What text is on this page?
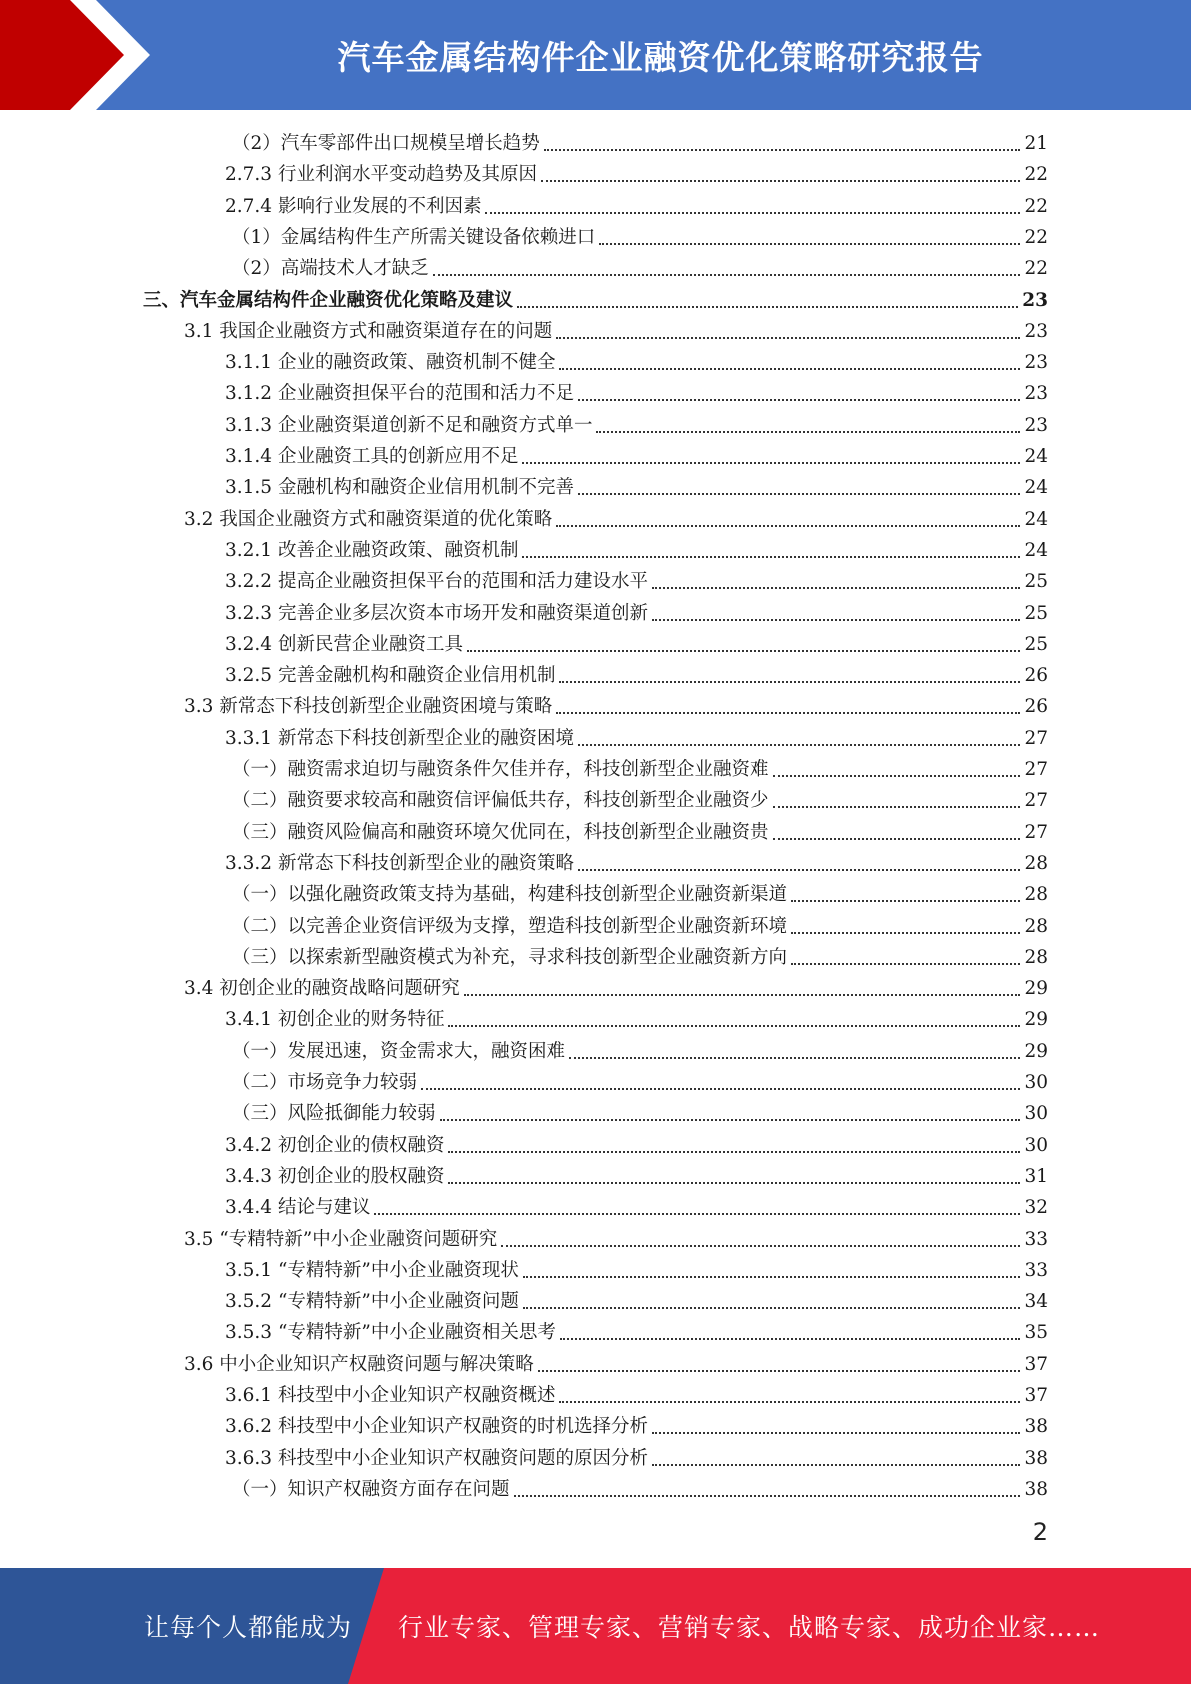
汽车金属结构件企业融资优化策略研究报告
（2）汽车零部件出口规模呈增长趋势	21
2.7.3 行业利润水平变动趋势及其原因	22
2.7.4 影响行业发展的不利因素	22
（1）金属结构件生产所需关键设备依赖进口	22
（2）高端技术人才缺乏	22
三、汽车金属结构件企业融资优化策略及建议	23
3.1 我国企业融资方式和融资渠道存在的问题	23
3.1.1 企业的融资政策、融资机制不健全	23
3.1.2 企业融资担保平台的范围和活力不足	23
3.1.3 企业融资渠道创新不足和融资方式单一	23
3.1.4 企业融资工具的创新应用不足	24
3.1.5 金融机构和融资企业信用机制不完善	24
3.2 我国企业融资方式和融资渠道的优化策略	24
3.2.1 改善企业融资政策、融资机制	24
3.2.2 提高企业融资担保平台的范围和活力建设水平	25
3.2.3 完善企业多层次资本市场开发和融资渠道创新	25
3.2.4 创新民营企业融资工具	25
3.2.5 完善金融机构和融资企业信用机制	26
3.3 新常态下科技创新型企业融资困境与策略	26
3.3.1 新常态下科技创新型企业的融资困境	27
（一）融资需求迫切与融资条件欠佳并存，科技创新型企业融资难	27
（二）融资要求较高和融资信评偏低共存，科技创新型企业融资少	27
（三）融资风险偏高和融资环境欠优同在，科技创新型企业融资贵	27
3.3.2 新常态下科技创新型企业的融资策略	28
（一）以强化融资政策支持为基础，构建科技创新型企业融资新渠道	28
（二）以完善企业资信评级为支撑，塑造科技创新型企业融资新环境	28
（三）以探索新型融资模式为补充，寻求科技创新型企业融资新方向	28
3.4 初创企业的融资战略问题研究	29
3.4.1 初创企业的财务特征	29
（一）发展迅速，资金需求大，融资困难	29
（二）市场竞争力较弱	30
（三）风险抵御能力较弱	30
3.4.2 初创企业的债权融资	30
3.4.3 初创企业的股权融资	31
3.4.4 结论与建议	32
3.5 “专精特新”中小企业融资问题研究	33
3.5.1 “专精特新”中小企业融资现状	33
3.5.2 “专精特新”中小企业融资问题	34
3.5.3 “专精特新”中小企业融资相关思考	35
3.6 中小企业知识产权融资问题与解决策略	37
3.6.1 科技型中小企业知识产权融资概述	37
3.6.2 科技型中小企业知识产权融资的时机选择分析	38
3.6.3 科技型中小企业知识产权融资问题的原因分析	38
（一）知识产权融资方面存在问题	38
2
让每个人都能成为 行业专家、管理专家、营销专家、战略专家、成功企业家……
